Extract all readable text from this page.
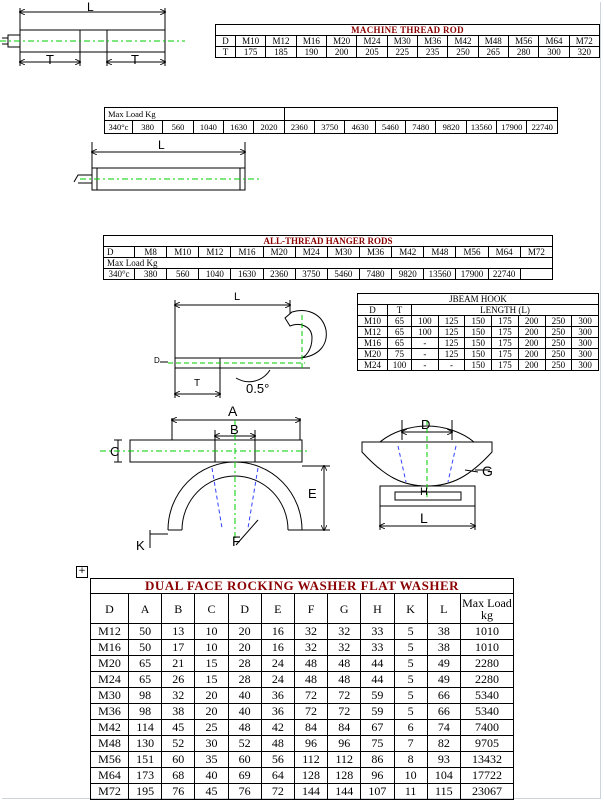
L
T	T
L
L
D
T	0.5°
A
B
C
E
F
K
D
G
H
L
MACHINE THREAD ROD												
D	M10	M12	M16	M20	M24	M30	M36	M42	M48	M56	M64	M72
T	175	185	190	200	205	225	235	250	265	280	300	320
Max Load Kg														
340°c	380	560	1040	1630	2020	2360	3750	4630	5460	7480	9820	13560	17900	22740
ALL-THREAD HANGER RODS													
D	M8	M10	M12	M16	M20	M24	M30	M36	M42	M48	M56	M64	M72
Max Load Kg													
340°c	380	560	1040	1630	2360	3750	5460	7480	9820	13560	17900	22740	
JBEAM HOOK								
D	T	LENGTH (L)						
M10	65	100	125	150	175	200	250	300
M12	65	100	125	150	175	200	250	300
M16	65	-	125	150	175	200	250	300
M20	75	-	125	150	175	200	250	300
M24	100	-	-	150	175	200	250	300
+
DUAL FACE ROCKING WASHER FLAT WASHER											
D	A	B	C	D	E	F	G	H	K	L	Max Load kg
M12	50	13	10	20	16	32	32	33	5	38	1010
M16	50	17	10	20	16	32	32	33	5	38	1010
M20	65	21	15	28	24	48	48	44	5	49	2280
M24	65	26	15	28	24	48	48	44	5	49	2280
M30	98	32	20	40	36	72	72	59	5	66	5340
M36	98	38	20	40	36	72	72	59	5	66	5340
M42	114	45	25	48	42	84	84	67	6	74	7400
M48	130	52	30	52	48	96	96	75	7	82	9705
M56	151	60	35	60	56	112	112	86	8	93	13432
M64	173	68	40	69	64	128	128	96	10	104	17722
M72	195	76	45	76	72	144	144	107	11	115	23067
